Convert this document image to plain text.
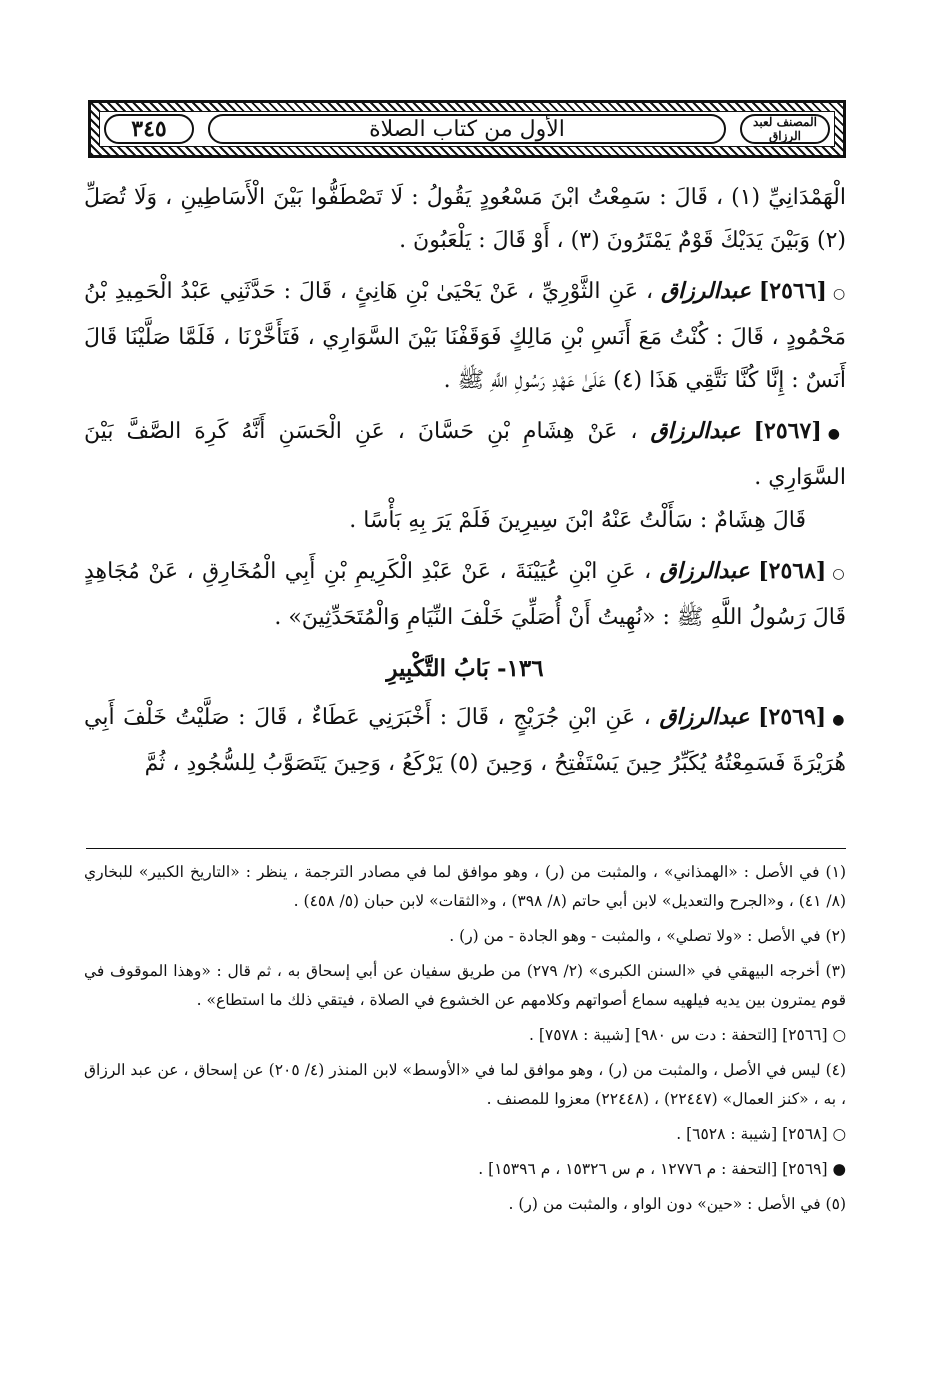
٣٤٥	الأول من كتاب الصلاة	المصنف لعبد الرزاق

الْهَمْدَانِيِّ (١) ، قَالَ : سَمِعْتُ ابْنَ مَسْعُودٍ يَقُولُ : لَا تَصْطَفُّوا بَيْنَ الْأَسَاطِينِ ، وَلَا تُصَلِّ (٢) وَبَيْنَ يَدَيْكَ قَوْمٌ يَمْتَرُونَ (٣) ، أَوْ قَالَ : يَلْعَبُونَ .

○[٢٥٦٦] عبدالرزاق ، عَنِ الثَّوْرِيِّ ، عَنْ يَحْيَىٰ بْنِ هَانِئٍ ، قَالَ : حَدَّثَنِي عَبْدُ الْحَمِيدِ بْنُ مَحْمُودٍ ، قَالَ : كُنْتُ مَعَ أَنَسِ بْنِ مَالِكٍ فَوَقَفْنَا بَيْنَ السَّوَارِي ، فَتَأَخَّرْنَا ، فَلَمَّا صَلَّيْنَا قَالَ أَنَسٌ : إِنَّا كُنَّا نَتَّقِي هَذَا (٤) عَلَىٰ عَهْدِ رَسُولِ اللَّهِ ﷺ .

●[٢٥٦٧] عبدالرزاق ، عَنْ هِشَامِ بْنِ حَسَّانَ ، عَنِ الْحَسَنِ أَنَّهُ كَرِهَ الصَّفَّ بَيْنَ السَّوَارِي .

قَالَ هِشَامٌ : سَأَلْتُ عَنْهُ ابْنَ سِيرِينَ فَلَمْ يَرَ بِهِ بَأْسًا .

○[٢٥٦٨] عبدالرزاق ، عَنِ ابْنِ عُيَيْنَةَ ، عَنْ عَبْدِ الْكَرِيمِ بْنِ أَبِي الْمُخَارِقِ ، عَنْ مُجَاهِدٍ قَالَ رَسُولُ اللَّهِ ﷺ : «نُهِيتُ أَنْ أُصَلِّيَ خَلْفَ النِّيَامِ وَالْمُتَحَدِّثِينَ» .

١٣٦- بَابُ التَّكْبِيرِ

●[٢٥٦٩] عبدالرزاق ، عَنِ ابْنِ جُرَيْجٍ ، قَالَ : أَخْبَرَنِي عَطَاءٌ ، قَالَ : صَلَّيْتُ خَلْفَ أَبِي هُرَيْرَةَ فَسَمِعْتُهُ يُكَبِّرُ حِينَ يَسْتَفْتِحُ ، وَحِينَ (٥) يَرْكَعُ ، وَحِينَ يَتَصَوَّبُ لِلسُّجُودِ ، ثُمَّ

(١) في الأصل : «الهمذاني» ، والمثبت من (ر) ، وهو موافق لما في مصادر الترجمة ، ينظر : «التاريخ الكبير» للبخاري (٨/ ٤١) ، و«الجرح والتعديل» لابن أبي حاتم (٨/ ٣٩٨) ، و«الثقات» لابن حبان (٥/ ٤٥٨) .

(٢) في الأصل : «ولا تصلي» ، والمثبت - وهو الجادة - من (ر) .

(٣) أخرجه البيهقي في «السنن الكبرى» (٢/ ٢٧٩) من طريق سفيان عن أبي إسحاق به ، ثم قال : «وهذا الموقوف في قوم يمترون بين يديه فيلهيه سماع أصواتهم وكلامهم عن الخشوع في الصلاة ، فيتقي ذلك ما استطاع» .

○ [٢٥٦٦] [التحفة : دت س ٩٨٠] [شيبة : ٧٥٧٨] .

(٤) ليس في الأصل ، والمثبت من (ر) ، وهو موافق لما في «الأوسط» لابن المنذر (٤/ ٢٠٥) عن إسحاق ، عن عبد الرزاق ، به ، «كنز العمال» (٢٢٤٤٧) ، (٢٢٤٤٨) معزوا للمصنف .

○ [٢٥٦٨] [شيبة : ٦٥٢٨] .

● [٢٥٦٩] [التحفة : م ١٢٧٧٦ ، م س ١٥٣٢٦ ، م ١٥٣٩٦] .

(٥) في الأصل : «حين» دون الواو ، والمثبت من (ر) .
